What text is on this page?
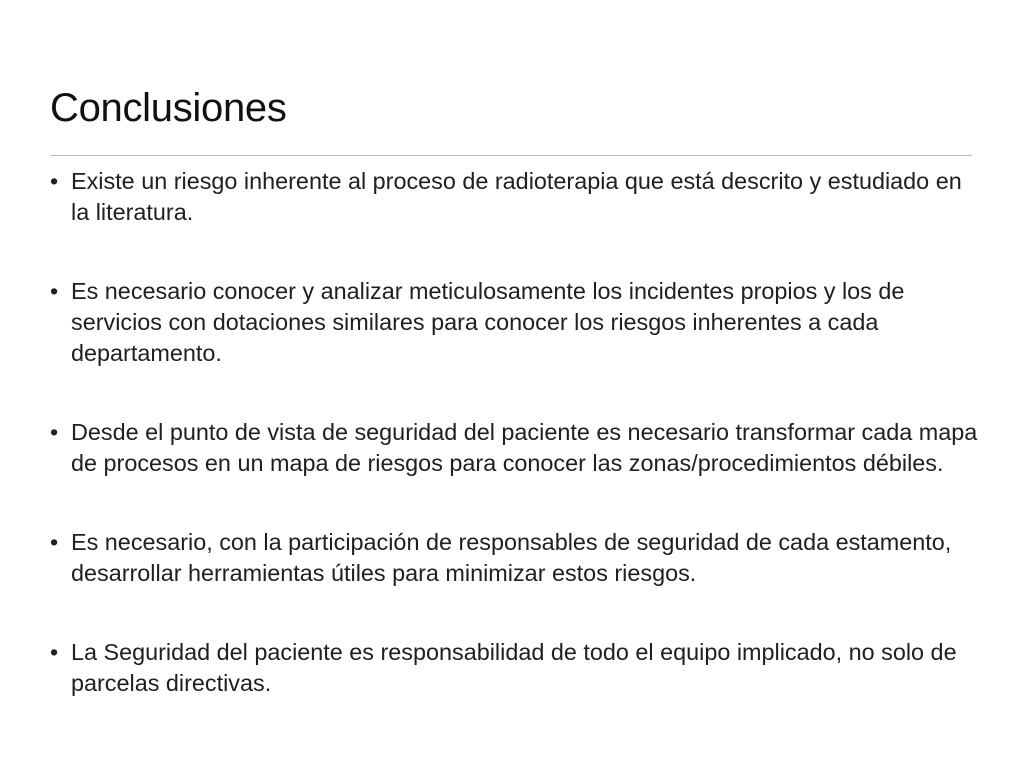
Conclusiones
• Existe un riesgo inherente al proceso de radioterapia que está descrito y estudiado en la literatura.
• Es necesario conocer y analizar meticulosamente los incidentes propios y los de servicios con dotaciones similares para conocer los riesgos inherentes a cada departamento.
• Desde el punto de vista de seguridad del paciente es necesario transformar cada mapa de procesos en un mapa de riesgos para conocer las zonas/procedimientos débiles.
• Es necesario, con la participación de responsables de seguridad de cada estamento, desarrollar herramientas útiles para minimizar estos riesgos.
• La Seguridad del paciente es responsabilidad de todo el equipo implicado, no solo de parcelas directivas.
